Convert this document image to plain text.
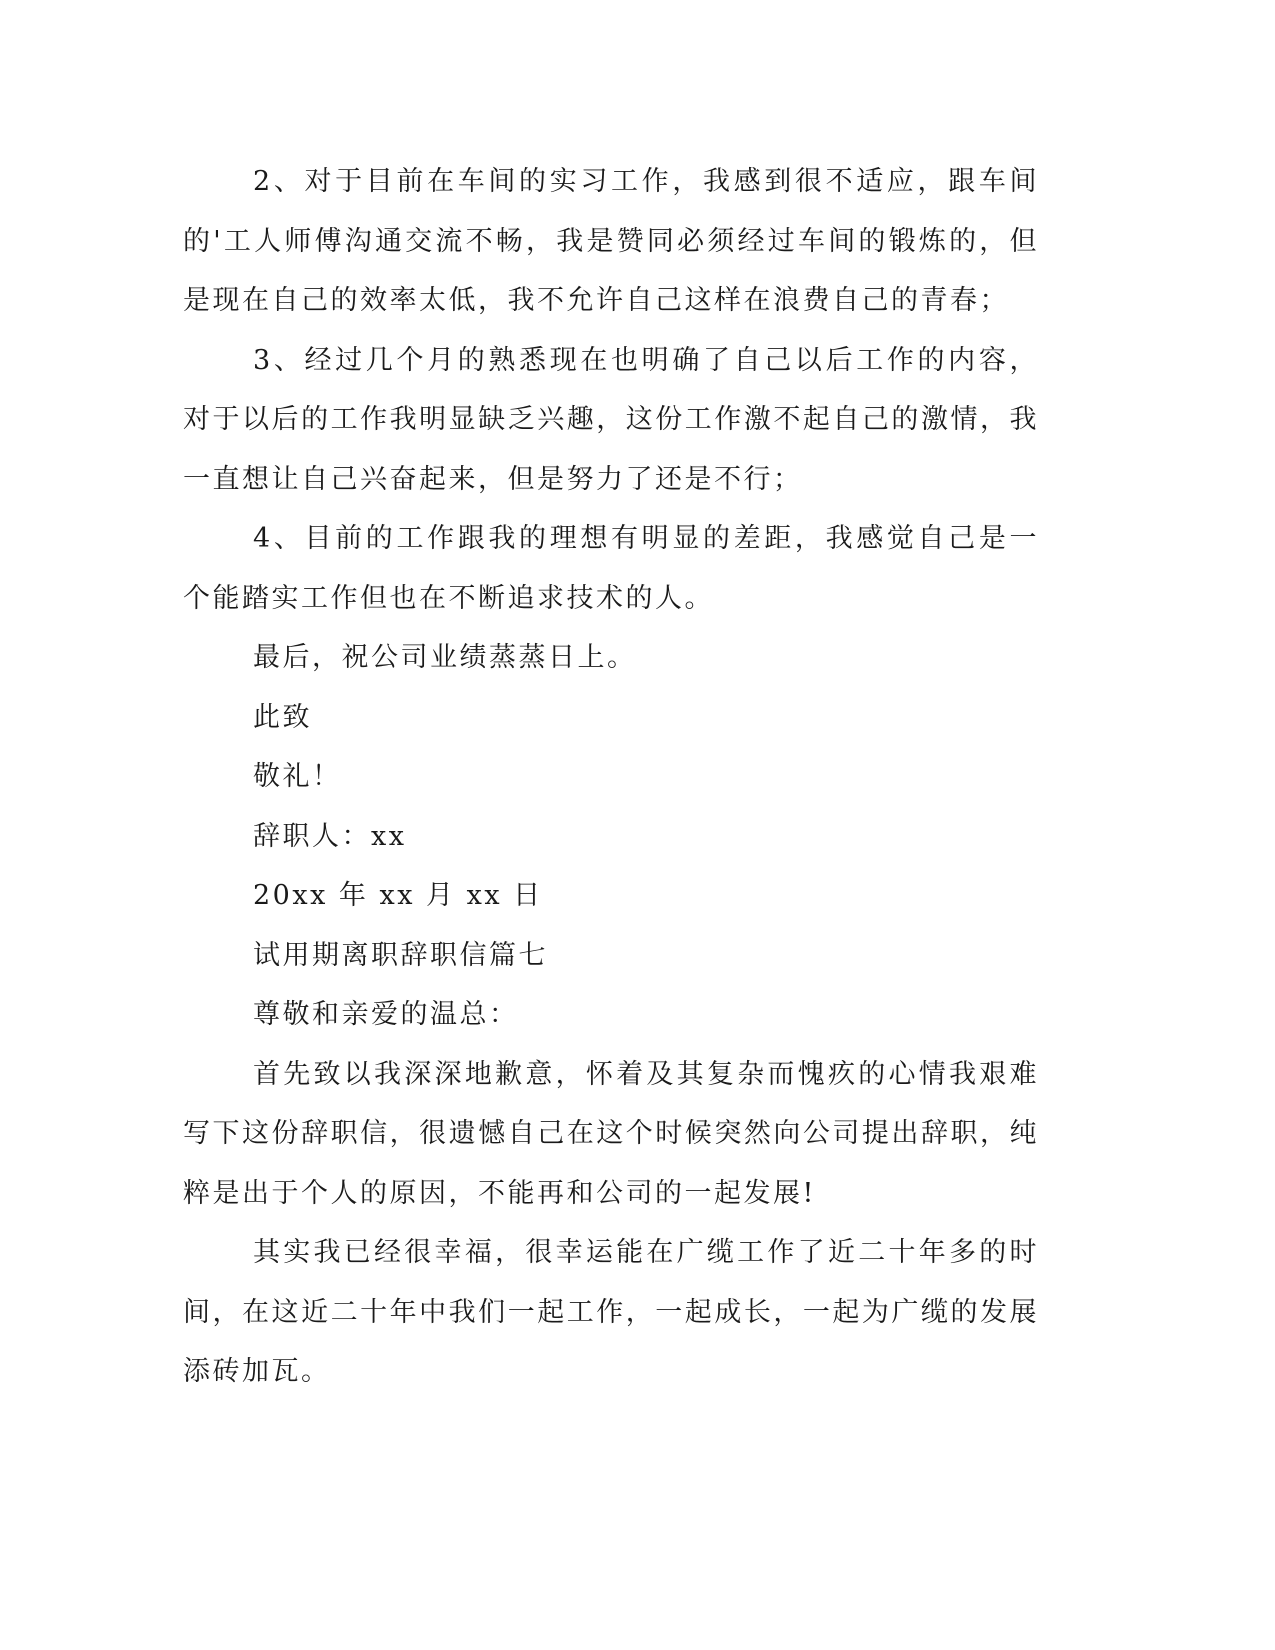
2、对于目前在车间的实习工作，我感到很不适应，跟车间的'工人师傅沟通交流不畅，我是赞同必须经过车间的锻炼的，但是现在自己的效率太低，我不允许自己这样在浪费自己的青春；

3、经过几个月的熟悉现在也明确了自己以后工作的内容，对于以后的工作我明显缺乏兴趣，这份工作激不起自己的激情，我一直想让自己兴奋起来，但是努力了还是不行；

4、目前的工作跟我的理想有明显的差距，我感觉自己是一个能踏实工作但也在不断追求技术的人。

最后，祝公司业绩蒸蒸日上。

此致

敬礼！

辞职人：xx

20xx 年 xx 月 xx 日

试用期离职辞职信篇七

尊敬和亲爱的温总：

首先致以我深深地歉意，怀着及其复杂而愧疚的心情我艰难写下这份辞职信，很遗憾自己在这个时候突然向公司提出辞职，纯粹是出于个人的原因，不能再和公司的一起发展!

其实我已经很幸福，很幸运能在广缆工作了近二十年多的时间，在这近二十年中我们一起工作，一起成长，一起为广缆的发展添砖加瓦。
